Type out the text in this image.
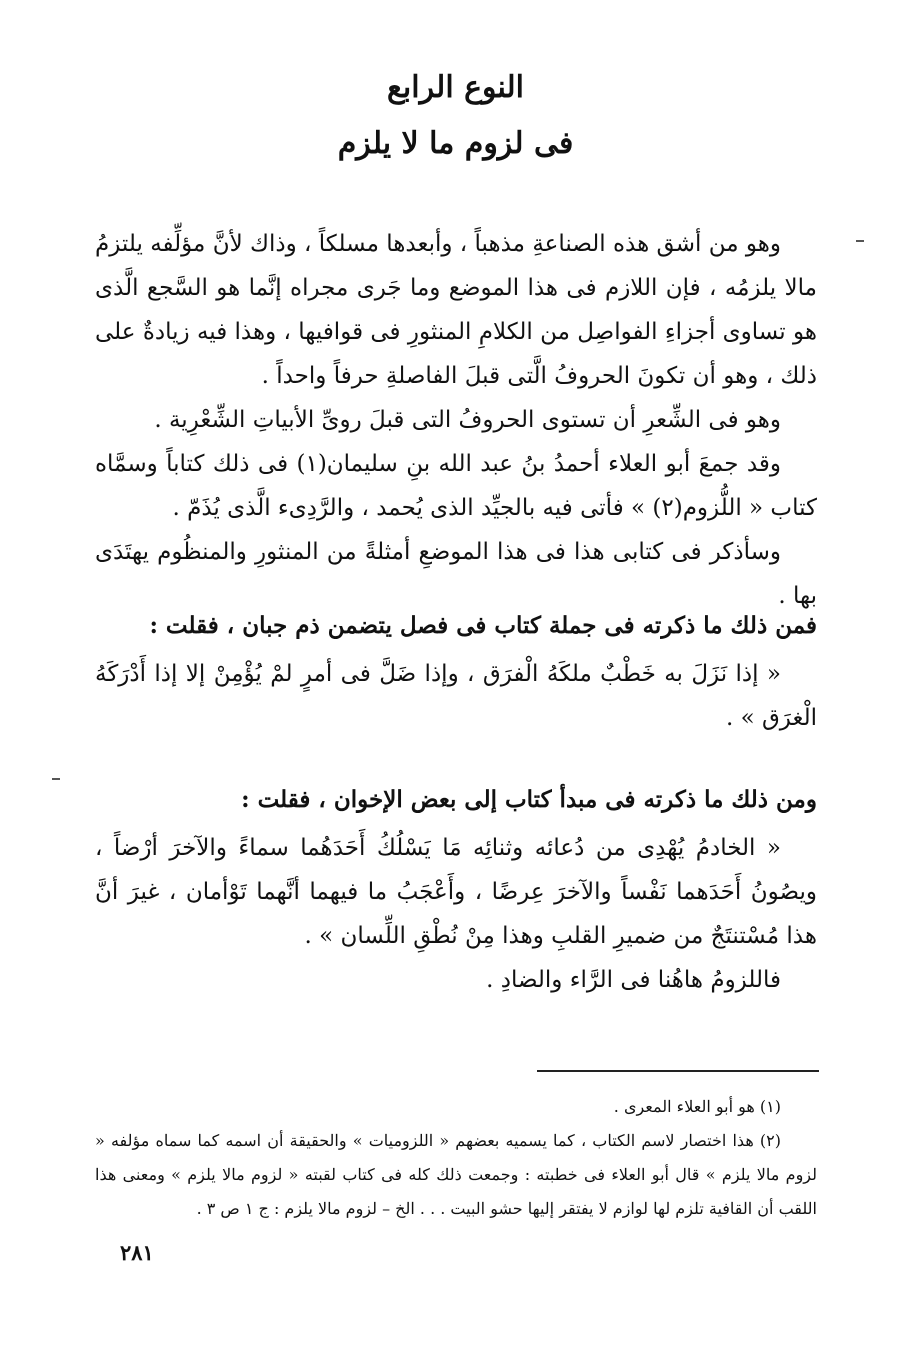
النوع الرابع
فى لزوم ما لا يلزم

وهو من أشق هذه الصناعةِ مذهباً ، وأبعدها مسلكاً ، وذاك لأنَّ مؤلِّفه يلتزمُ مالا يلزمُه ، فإن اللازم فى هذا الموضع وما جَرى مجراه إنَّما هو السَّجع الَّذى هو تساوى أجزاءِ الفواصِل من الكلامِ المنثورِ فى قوافيها ، وهذا فيه زيادةٌ على ذلك ، وهو أن تكونَ الحروفُ الَّتى قبلَ الفاصلةِ حرفاً واحداً .

وهو فى الشِّعرِ أن تستوى الحروفُ التى قبلَ روىِّ الأبياتِ الشِّعْرِية .

وقد جمعَ أبو العلاء أحمدُ بنُ عبد الله بنِ سليمان(١) فى ذلك كتاباً وسمَّاه كتاب « اللُّزوم(٢) » فأتى فيه بالجيِّد الذى يُحمد ، والرَّدِىء الَّذى يُذَمّ .

وسأذكر فى كتابى هذا فى هذا الموضعِ أمثلةً من المنثورِ والمنظُوم يهتَدَى بها .

فمن ذلك ما ذكرته فى جملة كتاب فى فصل يتضمن ذم جبان ، فقلت :

« إذا نَزَلَ به خَطْبٌ ملكَهُ الْفرَق ، وإذا ضَلَّ فى أمرٍ لمْ يُؤْمِنْ إلا إذا أَدْرَكَهُ الْغرَق » .

ومن ذلك ما ذكرته فى مبدأ كتاب إلى بعض الإخوان ، فقلت :

« الخادمُ يُهْدِى من دُعائه وثنائِه مَا يَسْلُكُ أَحَدَهُما سماءً والآخرَ أرْضاً ، ويصُونُ أَحَدَهما نَفْساً والآخرَ عِرضًا ، وأَعْجَبُ ما فيهما أنَّهما تَوْأمان ، غيرَ أنَّ هذا مُسْتنتَجٌ من ضميرِ القلبِ وهذا مِنْ نُطْقِ اللِّسان » .

فاللزومُ هاهُنا فى الرَّاء والضادِ .

(١) هو أبو العلاء المعرى .

(٢) هذا اختصار لاسم الكتاب ، كما يسميه بعضهم « اللزوميات » والحقيقة أن اسمه كما سماه مؤلفه « لزوم مالا يلزم » قال أبو العلاء فى خطبته : وجمعت ذلك كله فى كتاب لقبته « لزوم مالا يلزم » ومعنى هذا اللقب أن القافية تلزم لها لوازم لا يفتقر إليها حشو البيت . . . الخ – لزوم مالا يلزم : ج ١ ص ٣ .

٢٨١
